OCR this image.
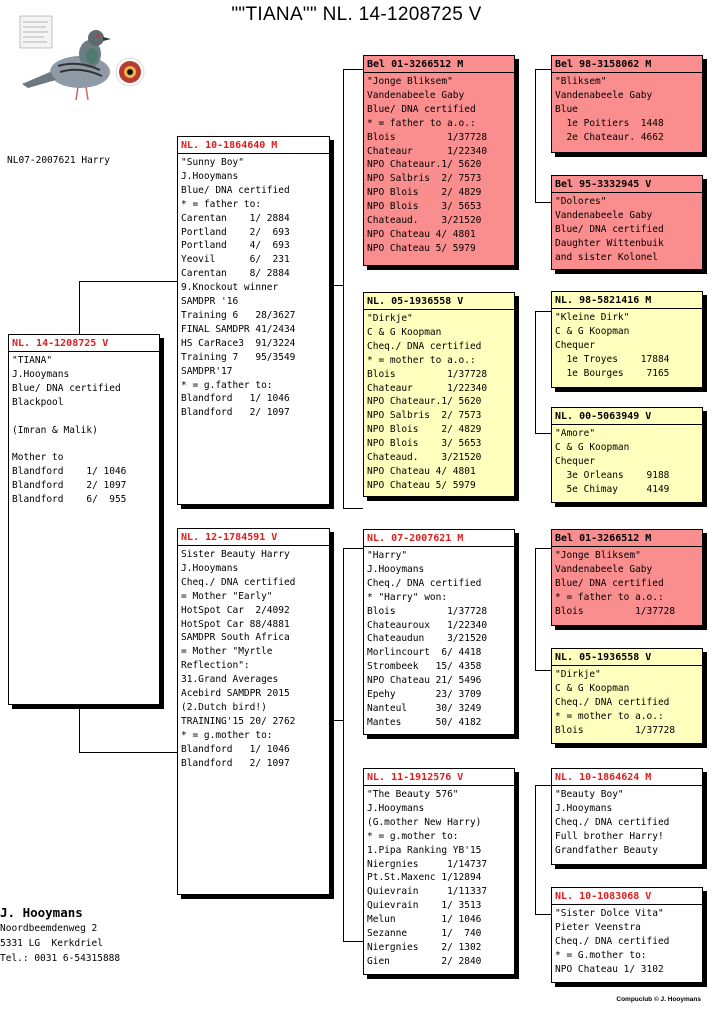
""TIANA"" NL. 14-1208725 V
NL07-2007621 Harry
NL. 14-1208725 V
"TIANA"
J.Hooymans
Blue/ DNA certified
Blackpool

(Imran & Malik)

Mother to
Blandford    1/ 1046
Blandford    2/ 1097
Blandford    6/  955
NL. 10-1864640 M
"Sunny Boy"
J.Hooymans
Blue/ DNA certified
* = father to:
Carentan    1/ 2884
Portland    2/  693
Portland    4/  693
Yeovil      6/  231
Carentan    8/ 2884
9.Knockout winner
SAMDPR '16
Training 6   28/3627
FINAL SAMDPR 41/2434
HS CarRace3  91/3224
Training 7   95/3549
SAMDPR'17
* = g.father to:
Blandford   1/ 1046
Blandford   2/ 1097
NL. 12-1784591 V
Sister Beauty Harry
J.Hooymans
Cheq./ DNA certified
= Mother "Early"
HotSpot Car  2/4092
HotSpot Car 88/4881
SAMDPR South Africa
= Mother "Myrtle
Reflection":
31.Grand Averages
Acebird SAMDPR 2015
(2.Dutch bird!)
TRAINING'15 20/ 2762
* = g.mother to:
Blandford   1/ 1046
Blandford   2/ 1097
Bel 01-3266512 M
"Jonge Bliksem"
Vandenabeele Gaby
Blue/ DNA certified
* = father to a.o.:
Blois         1/37728
Chateaur      1/22340
NPO Chateaur.1/ 5620
NPO Salbris  2/ 7573
NPO Blois    2/ 4829
NPO Blois    3/ 5653
Chateaud.    3/21520
NPO Chateau 4/ 4801
NPO Chateau 5/ 5979
NL. 05-1936558 V
"Dirkje"
C & G Koopman
Cheq./ DNA certified
* = mother to a.o.:
Blois         1/37728
Chateaur      1/22340
NPO Chateaur.1/ 5620
NPO Salbris  2/ 7573
NPO Blois    2/ 4829
NPO Blois    3/ 5653
Chateaud.    3/21520
NPO Chateau 4/ 4801
NPO Chateau 5/ 5979
NL. 07-2007621 M
"Harry"
J.Hooymans
Cheq./ DNA certified
* "Harry" won:
Blois         1/37728
Chateauroux   1/22340
Chateaudun    3/21520
Morlincourt  6/ 4418
Strombeek   15/ 4358
NPO Chateau 21/ 5496
Epehy       23/ 3709
Nanteul     30/ 3249
Mantes      50/ 4182
NL. 11-1912576 V
"The Beauty 576"
J.Hooymans
(G.mother New Harry)
* = g.mother to:
1.Pipa Ranking YB'15
Niergnies     1/14737
Pt.St.Maxenc 1/12894
Quievrain     1/11337
Quievrain    1/ 3513
Melun        1/ 1046
Sezanne      1/  740
Niergnies    2/ 1302
Gien         2/ 2840
Bel 98-3158062 M
"Bliksem"
Vandenabeele Gaby
Blue
1e Poitiers  1448
2e Chateaur. 4662
Bel 95-3332945 V
"Dolores"
Vandenabeele Gaby
Blue/ DNA certified
Daughter Wittenbuik
and sister Kolonel
NL. 98-5821416 M
"Kleine Dirk"
C & G Koopman
Chequer
1e Troyes    17884
1e Bourges    7165
NL. 00-5063949 V
"Amore"
C & G Koopman
Chequer
3e Orleans    9188
5e Chimay     4149
Bel 01-3266512 M
"Jonge Bliksem"
Vandenabeele Gaby
Blue/ DNA certified
* = father to a.o.:
Blois         1/37728
NL. 05-1936558 V
"Dirkje"
C & G Koopman
Cheq./ DNA certified
* = mother to a.o.:
Blois         1/37728
NL. 10-1864624 M
"Beauty Boy"
J.Hooymans
Cheq./ DNA certified
Full brother Harry!
Grandfather Beauty
NL. 10-1083068 V
"Sister Dolce Vita"
Pieter Veenstra
Cheq./ DNA certified
* = G.mother to:
NPO Chateau 1/ 3102
J. Hooymans
Noordbeemdenweg 2
5331 LG  Kerkdriel
Tel.: 0031 6-54315888
Compuclub © J. Hooymans
